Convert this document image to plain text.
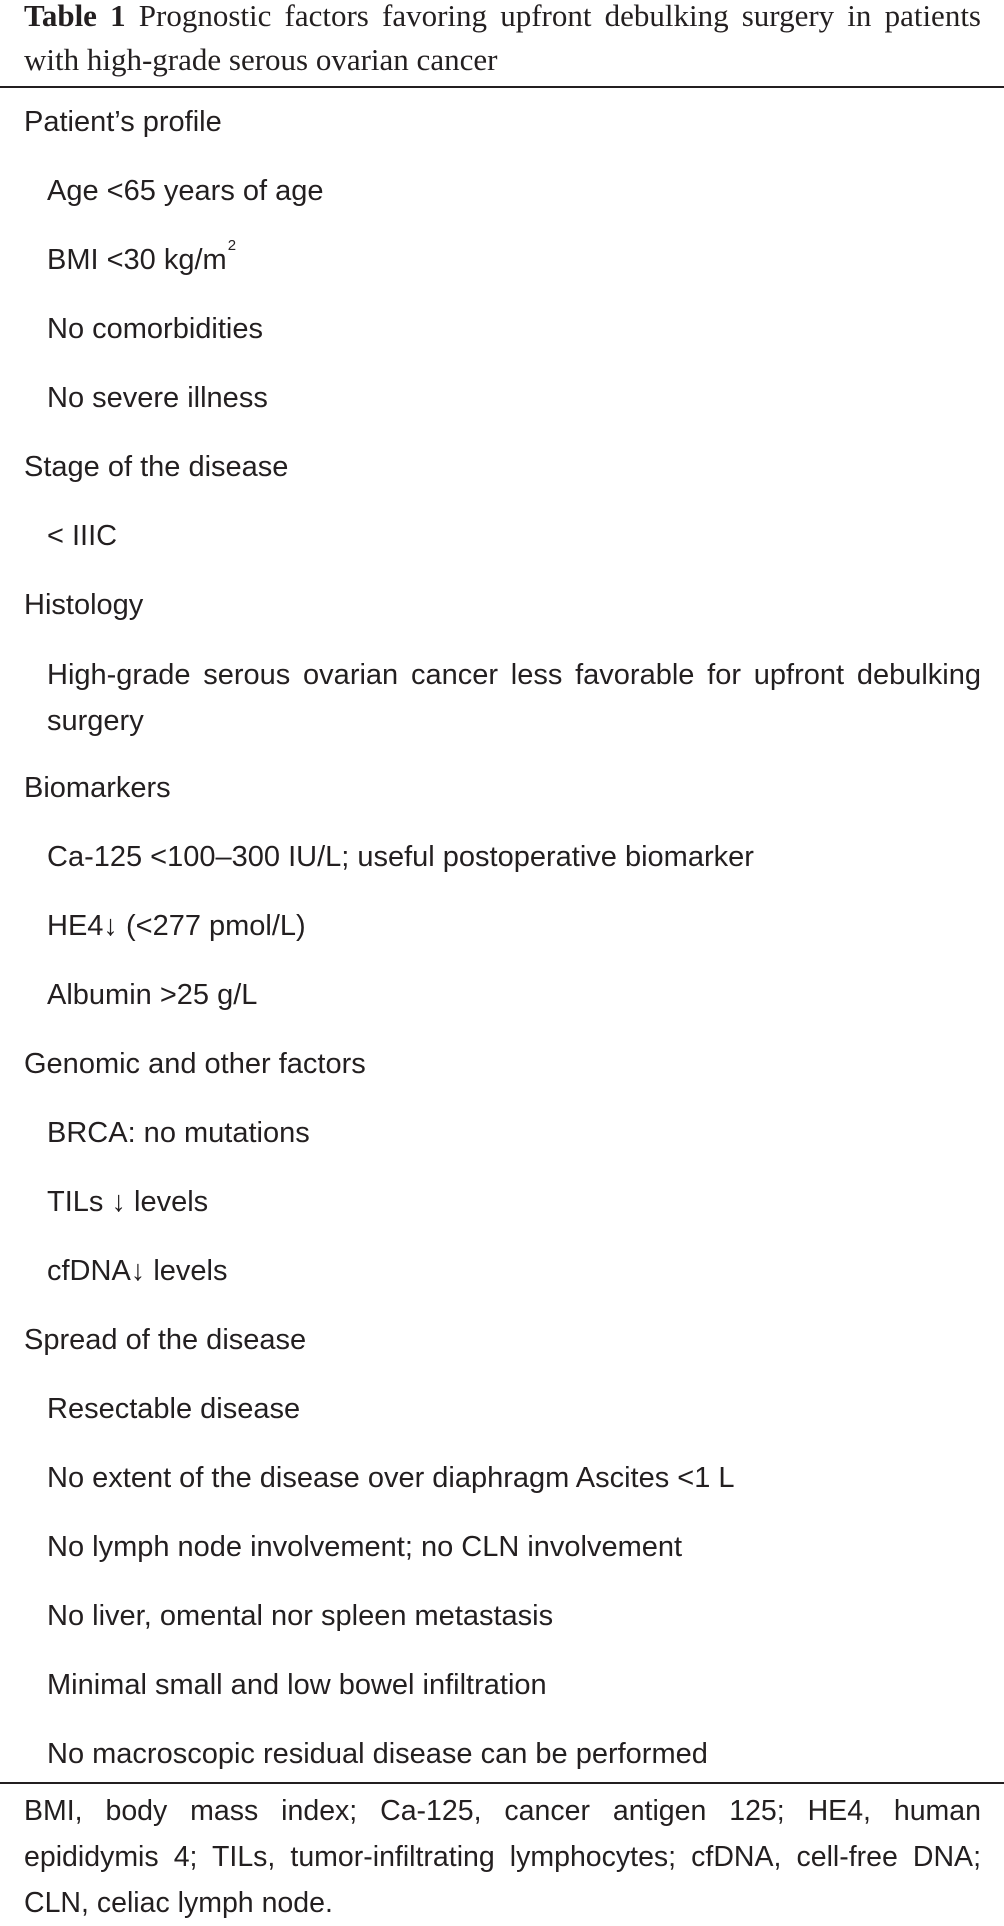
Table 1 Prognostic factors favoring upfront debulking surgery in patients with high-grade serous ovarian cancer
Patient’s profile
Age <65 years of age
BMI <30 $kg/m^2$
No comorbidities
No severe illness
Stage of the disease
< IIIC
Histology
High-grade serous ovarian cancer less favorable for upfront debulking surgery
Biomarkers
Ca-125 <100–300 IU/L; useful postoperative biomarker
HE4↓ (<277 pmol/L)
Albumin >25 g/L
Genomic and other factors
BRCA: no mutations
TILs ↓ levels
cfDNA↓ levels
Spread of the disease
Resectable disease
No extent of the disease over diaphragm Ascites <1 L
No lymph node involvement; no CLN involvement
No liver, omental nor spleen metastasis
Minimal small and low bowel infiltration
No macroscopic residual disease can be performed
BMI, body mass index; Ca-125, cancer antigen 125; HE4, human epididymis 4; TILs, tumor-infiltrating lymphocytes; cfDNA, cell-free DNA; CLN, celiac lymph node.
